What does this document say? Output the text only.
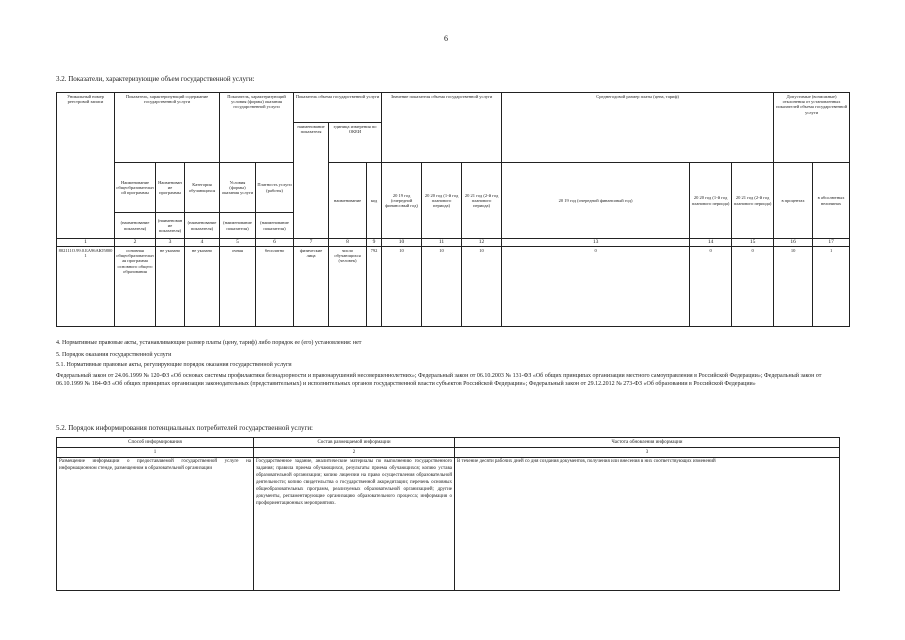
6
3.2. Показатели, характеризующие объем государственной услуги:
Уникальный номер реестровой записи	Показатель, характеризующий содержание государственной услуги			Показатель, характеризующий условия (формы) оказания государственной услуги		Показатель объема государственной услуги			Значение показателя объема государственной услуги			Среднегодовой размер платы (цена, тариф)			Допустимые (возможные) отклонения от установленных показателей объема государственной услуги	
						наименование показателя	единица измерения по ОКЕИ									
	Наименование общеобразовательной программы	Наименование программы	Категория обучающихся	Условия (формы) оказания услуги	Платность услуги (работы)		наименование	код	20 19 год (очередной финансовый год)	20 20 год (1-й год планового периода)	20 21 год (2-й год планового периода)	20 19 год (очередной финансовый год)	20 20 год (1-й год планового периода)	20 21 год (2-й год планового периода)	в процентах	в абсолютных величинах
	(наименование показателя)	(наименование показателя)	(наименование показателя)	(наименование показателя)	(наименование показателя)											
1	2	3	4	5	6	7	8	9	10	11	12	13	14	15	16	17
802111О.99.0.БА96АЮ58001	основная общеобразовательная программа основного общего образования	не указано	не указано	очная	бесплатно	физические лица	число обучающихся (человек)	792	10	10	10	0	0	0	10	1
4. Нормативные правовые акты, устанавливающие размер платы (цену, тариф) либо порядок ее (его) установления: нет
5. Порядок оказания государственной услуги
5.1. Нормативные правовые акты, регулирующие порядок оказания государственной услуги
Федеральный закон от 24.06.1999 № 120-ФЗ «Об основах системы профилактики безнадзорности и правонарушений несовершеннолетних»; Федеральный закон от 06.10.2003 № 131-ФЗ «Об общих принципах организации местного самоуправления в Российской Федерации»; Федеральный закон от 06.10.1999 № 184-ФЗ «Об общих принципах организации законодательных (представительных) и исполнительных органов государственной власти субъектов Российской Федерации»; Федеральный закон от 29.12.2012 № 273-ФЗ «Об образовании в Российской Федерации»
5.2. Порядок информирования потенциальных потребителей государственной услуги:
Способ информирования	Состав размещаемой информации	Частота обновления информации
1	2	3
Размещение информации о предоставляемой государственной услуге на информационном стенде, размещенном в образовательной организации	Государственное задание, аналитические материалы по выполнению государственного задания; правила приема обучающихся, результаты приема обучающихся; копию устава образовательной организации; копию лицензии на право осуществления образовательной деятельности; копию свидетельства о государственной аккредитации; перечень основных общеобразовательных программ, реализуемых образовательной организацией; другие документы, регламентирующие организацию образовательного процесса; информация о профориентационных мероприятиях.	В течение десяти рабочих дней со дня создания документов, получения или внесения в них соответствующих изменений
